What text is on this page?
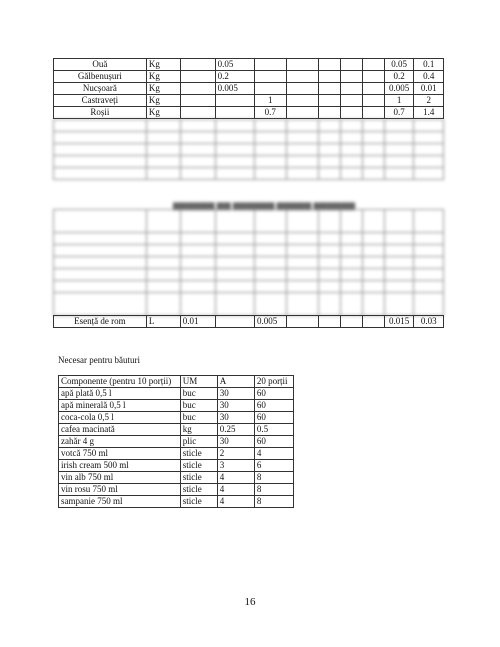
Ouă	Kg		0.05						0.05	0.1
Gălbenușuri	Kg		0.2						0.2	0.4
Nucșoară	Kg		0.005						0.005	0.01
Castraveți	Kg			1					1	2
Roșii	Kg			0.7					0.7	1.4

▆▆▆▆▆▆ ▆▆ ▆▆▆▆▆▆ ▆▆▆▆▆ ▆▆▆▆▆▆

Esență de rom	L	0.01		0.005					0.015	0.03
Necesar pentru băuturi
Componente (pentru 10 porții)	UM	A	20 porții
apă plată 0,5 l	buc	30	60
apă minerală 0,5 l	buc	30	60
coca-cola 0,5 l	buc	30	60
cafea macinată	kg	0.25	0.5
zahăr 4 g	plic	30	60
votcă 750 ml	sticle	2	4
irish cream 500 ml	sticle	3	6
vin alb 750 ml	sticle	4	8
vin rosu 750 ml	sticle	4	8
sampanie 750 ml	sticle	4	8
16
